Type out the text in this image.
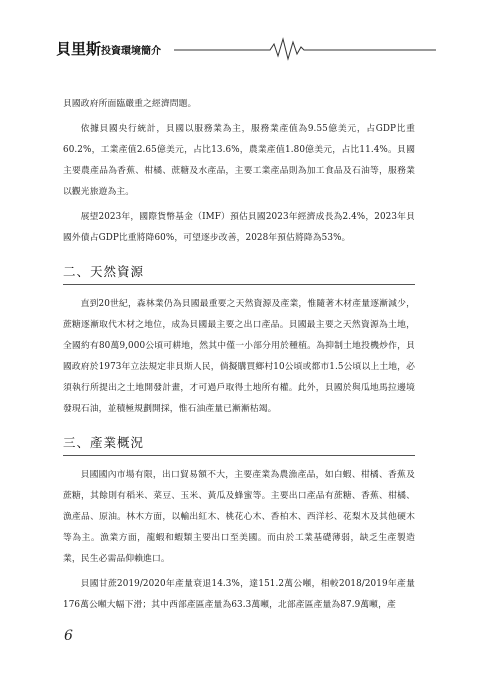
貝里斯投資環境簡介

貝國政府所面臨嚴重之經濟問題。

依據貝國央行統計，貝國以服務業為主，服務業產值為9.55億美元，占GDP比重60.2%，工業產值2.65億美元，占比13.6%，農業產值1.80億美元，占比11.4%。貝國主要農產品為香蕉、柑橘、蔗糖及水產品，主要工業產品則為加工食品及石油等，服務業以觀光旅遊為主。

展望2023年，國際貨幣基金（IMF）預估貝國2023年經濟成長為2.4%，2023年貝國外債占GDP比重將降60%，可望逐步改善，2028年預估將降為53%。

二、天然資源

直到20世紀，森林業仍為貝國最重要之天然資源及產業，惟隨著木材產量逐漸減少，蔗糖逐漸取代木材之地位，成為貝國最主要之出口產品。貝國最主要之天然資源為土地，全國約有80萬9,000公頃可耕地，然其中僅一小部分用於種植。為抑制土地投機炒作，貝國政府於1973年立法規定非貝斯人民，倘擬購買鄉村10公頃或都市1.5公頃以上土地，必須執行所提出之土地開發計畫，才可過戶取得土地所有權。此外，貝國於與瓜地馬拉邊境發現石油，並積極規劃開採，惟石油產量已漸漸枯竭。

三、產業概況

貝國國內市場有限，出口貿易額不大，主要產業為農漁產品，如白蝦、柑橘、香蕉及蔗糖，其餘則有稻米、菜豆、玉米、黃瓜及蜂蜜等。主要出口產品有蔗糖、香蕉、柑橘、漁產品、原油。林木方面，以輸出紅木、桃花心木、香柏木、西洋杉、花梨木及其他硬木等為主。漁業方面，龍蝦和蝦類主要出口至美國。而由於工業基礎薄弱，缺乏生產製造業，民生必需品仰賴進口。

貝國甘蔗2019/2020年產量衰退14.3%，達151.2萬公噸，相較2018/2019年產量176萬公噸大幅下滑；其中西部產區產量為63.3萬噸，北部產區產量為87.9萬噸，產

6
